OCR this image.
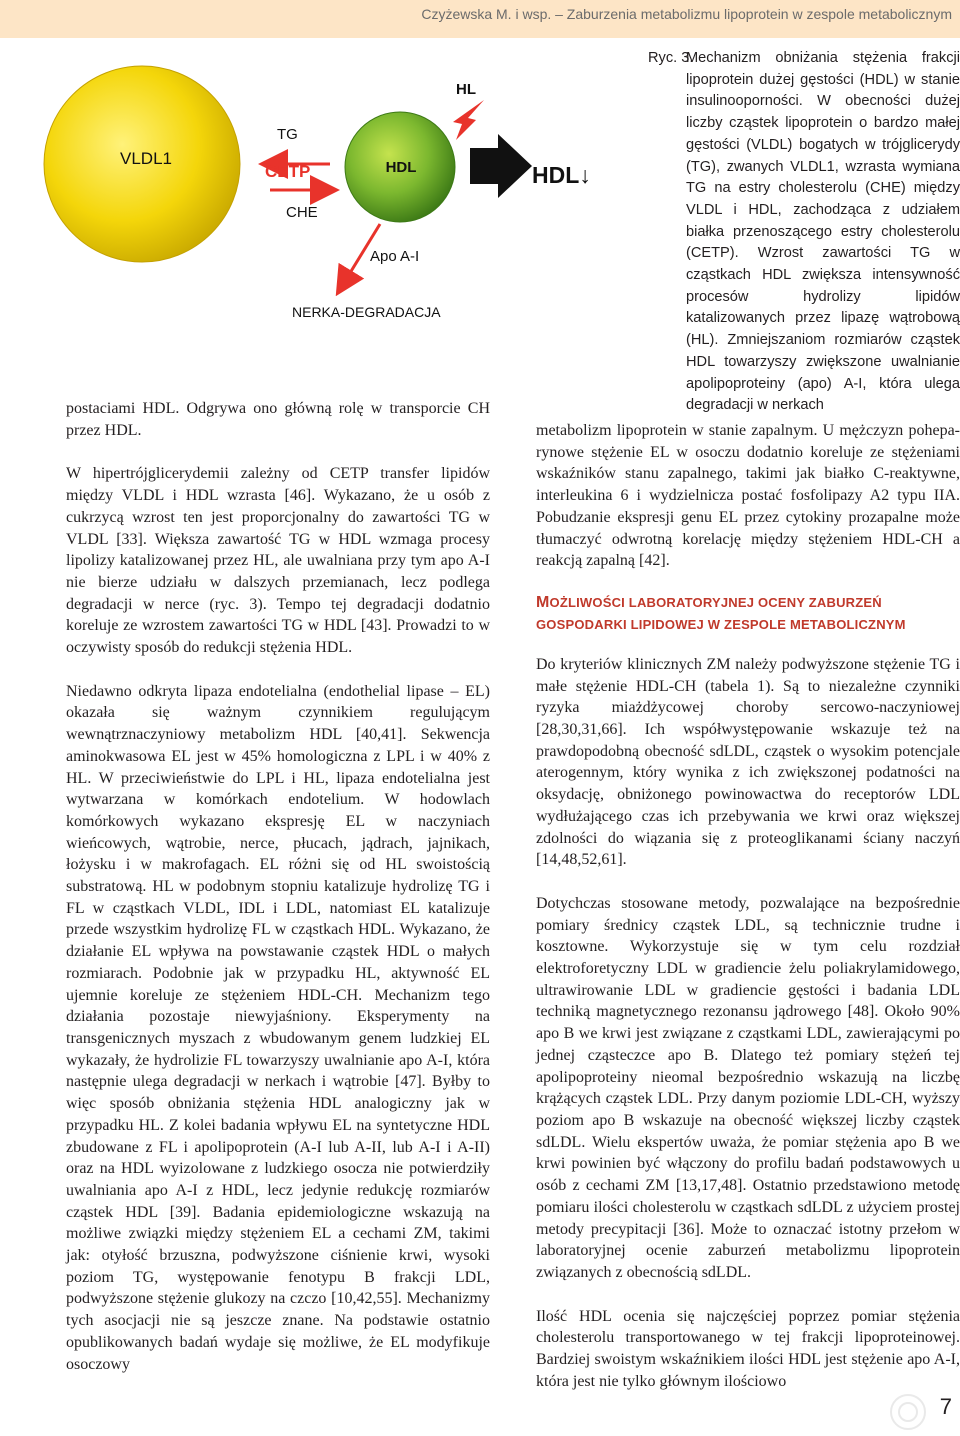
Czyżewska M. i wsp. – Zaburzenia metabolizmu lipoprotein w zespole metabolicznym
VLDL1
TG
CETP
CHE
HDL
HL
Apo A-I
NERKA-DEGRADACJA
HDL↓
Ryc. 3.

Mechanizm obniżania stężenia frakcji lipoprotein dużej gęstości (HDL) w stanie insulinooporności. W obecności dużej liczby cząstek lipoprotein o bardzo małej gęstości (VLDL) bogatych w trójglicerydy (TG), zwanych VLDL1, wzrasta wymiana TG na estry cholesterolu (CHE) między VLDL i HDL, zachodząca z udziałem białka przenoszącego estry cholesterolu (CETP). Wzrost zawartości TG w cząstkach HDL zwiększa intensywność procesów hydrolizy lipidów katalizowanych przez lipazę wątrobową (HL). Zmniejszaniom rozmiarów cząstek HDL towarzyszy zwiększone uwalnianie apolipoproteiny (apo) A-I, która ulega degradacji w nerkach

postaciami HDL. Odgrywa ono główną rolę w transporcie CH przez HDL.

W hipertrójglicerydemii zależny od CETP transfer lipidów między VLDL i HDL wzrasta [46]. Wykazano, że u osób z cukrzycą wzrost ten jest proporcjonalny do zawartości TG w VLDL [33]. Większa zawartość TG w HDL wzmaga procesy lipolizy katalizowanej przez HL, ale uwalniana przy tym apo A-I nie bierze udziału w dalszych przemianach, lecz podlega degradacji w nerce (ryc. 3). Tempo tej degradacji dodatnio koreluje ze wzrostem zawartości TG w HDL [43]. Prowadzi to w oczywisty sposób do redukcji stężenia HDL.

Niedawno odkryta lipaza endotelialna (endothelial lipase – EL) okazała się ważnym czynnikiem regulującym wewnątrznaczyniowy metabolizm HDL [40,41]. Sekwencja aminokwasowa EL jest w 45% homologiczna z LPL i w 40% z HL. W przeciwieństwie do LPL i HL, lipaza endotelialna jest wytwarzana w komórkach endotelium. W hodowlach komórkowych wykazano ekspresję EL w naczyniach wieńcowych, wątrobie, nerce, płucach, jądrach, jajnikach, łożysku i w makrofagach. EL różni się od HL swoistością substratową. HL w podobnym stopniu katalizuje hydrolizę TG i FL w cząstkach VLDL, IDL i LDL, natomiast EL katalizuje przede wszystkim hydrolizę FL w cząstkach HDL. Wykazano, że działanie EL wpływa na powstawanie cząstek HDL o małych rozmiarach. Podobnie jak w przypadku HL, aktywność EL ujemnie koreluje ze stężeniem HDL-CH. Mechanizm tego działania pozostaje niewyjaśniony. Eksperymenty na transgenicznych myszach z wbudowanym genem ludzkiej EL wykazały, że hydrolizie FL towarzyszy uwalnianie apo A-I, która następnie ulega degradacji w nerkach i wątrobie [47]. Byłby to więc sposób obniżania stężenia HDL analogiczny jak w przypadku HL. Z kolei badania wpływu EL na syntetyczne HDL zbudowane z FL i apolipoprotein (A-I lub A-II, lub A-I i A-II) oraz na HDL wyizolowane z ludzkiego osocza nie potwierdziły uwalniania apo A-I z HDL, lecz jedynie redukcję rozmiarów cząstek HDL [39]. Badania epidemiologiczne wskazują na możliwe związki między stężeniem EL a cechami ZM, takimi jak: otyłość brzuszna, podwyższone ciśnienie krwi, wysoki poziom TG, występowanie fenotypu B frakcji LDL, podwyższone stężenie glukozy na czczo [10,42,55]. Mechanizmy tych asocjacji nie są jeszcze znane. Na podstawie ostatnio opublikowanych badań wydaje się możliwe, że EL modyfikuje osoczowy

metabolizm lipoprotein w stanie zapalnym. U mężczyzn poheparynowe stężenie EL w osoczu dodatnio koreluje ze stężeniami wskaźników stanu zapalnego, takimi jak białko C-reaktywne, interleukina 6 i wydzielnicza postać fosfolipazy A2 typu IIA. Pobudzanie ekspresji genu EL przez cytokiny prozapalne może tłumaczyć odwrotną korelację między stężeniem HDL-CH a reakcją zapalną [42].

MOŻLIWOŚCI LABORATORYJNEJ OCENY ZABURZEŃ GOSPODARKI LIPIDOWEJ W ZESPOLE METABOLICZNYM

Do kryteriów klinicznych ZM należy podwyższone stężenie TG i małe stężenie HDL-CH (tabela 1). Są to niezależne czynniki ryzyka miażdżycowej choroby sercowo-naczyniowej [28,30,31,66]. Ich współwystępowanie wskazuje też na prawdopodobną obecność sdLDL, cząstek o wysokim potencjale aterogennym, który wynika z ich zwiększonej podatności na oksydację, obniżonego powinowactwa do receptorów LDL wydłużającego czas ich przebywania we krwi oraz większej zdolności do wiązania się z proteoglikanami ściany naczyń [14,48,52,61].

Dotychczas stosowane metody, pozwalające na bezpośrednie pomiary średnicy cząstek LDL, są technicznie trudne i kosztowne. Wykorzystuje się w tym celu rozdział elektroforetyczny LDL w gradiencie żelu poliakrylamidowego, ultrawirowanie LDL w gradiencie gęstości i badania LDL techniką magnetycznego rezonansu jądrowego [48]. Około 90% apo B we krwi jest związane z cząstkami LDL, zawierającymi po jednej cząsteczce apo B. Dlatego też pomiary stężeń tej apolipoproteiny nieomal bezpośrednio wskazują na liczbę krążących cząstek LDL. Przy danym poziomie LDL-CH, wyższy poziom apo B wskazuje na obecność większej liczby cząstek sdLDL. Wielu ekspertów uważa, że pomiar stężenia apo B we krwi powinien być włączony do profilu badań podstawowych u osób z cechami ZM [13,17,48]. Ostatnio przedstawiono metodę pomiaru ilości cholesterolu w cząstkach sdLDL z użyciem prostej metody precypitacji [36]. Może to oznaczać istotny przełom w laboratoryjnej ocenie zaburzeń metabolizmu lipoprotein związanych z obecnością sdLDL.

Ilość HDL ocenia się najczęściej poprzez pomiar stężenia cholesterolu transportowanego w tej frakcji lipoproteinowej. Bardziej swoistym wskaźnikiem ilości HDL jest stężenie apo A-I, która jest nie tylko głównym ilościowo

7
